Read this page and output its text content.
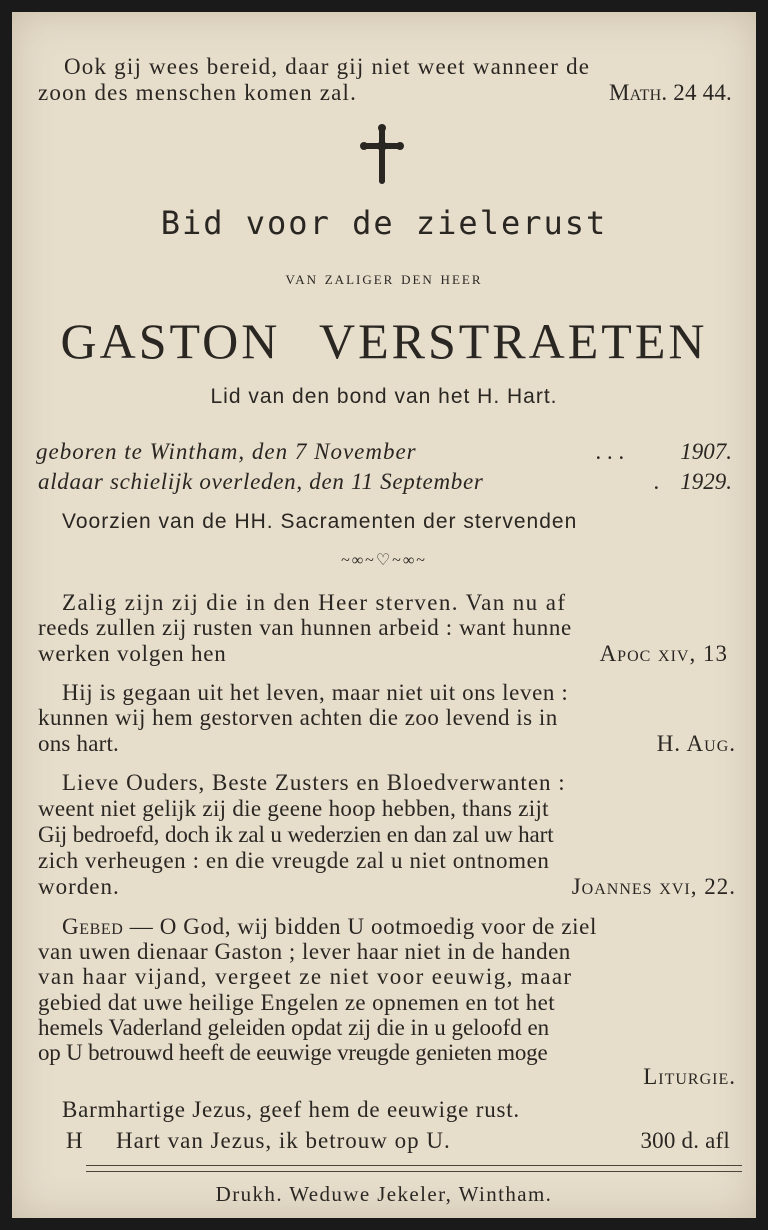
Ook gij wees bereid, daar gij niet weet wanneer de
zoon des menschen komen zal.	Math. 24 44.
Bid voor de zielerust
van zaliger den heer
GASTON VERSTRAETEN
Lid van den bond van het H. Hart.
geboren te Wintham, den 7 November	. . . 1907.
aldaar schielijk overleden, den 11 September	. 1929.
Voorzien van de HH. Sacramenten der stervenden
~∞~♡~∞~
Zalig zijn zij die in den Heer sterven. Van nu af
reeds zullen zij rusten van hunnen arbeid : want hunne
werken volgen hen	Apoc xiv, 13
Hij is gegaan uit het leven, maar niet uit ons leven :
kunnen wij hem gestorven achten die zoo levend is in
ons hart.	H. Aug.
Lieve Ouders, Beste Zusters en Bloedverwanten :
weent niet gelijk zij die geene hoop hebben, thans zijt
Gij bedroefd, doch ik zal u wederzien en dan zal uw hart
zich verheugen : en die vreugde zal u niet ontnomen
worden.	Joannes xvi, 22.
Gebed — O God, wij bidden U ootmoedig voor de ziel
van uwen dienaar Gaston ; lever haar niet in de handen
van haar vijand, vergeet ze niet voor eeuwig, maar
gebied dat uwe heilige Engelen ze opnemen en tot het
hemels Vaderland geleiden opdat zij die in u geloofd en
op U betrouwd heeft de eeuwige vreugde genieten moge
Liturgie.
Barmhartige Jezus, geef hem de eeuwige rust.
H Hart van Jezus, ik betrouw op U.	300 d. afl
Drukh. Weduwe Jekeler, Wintham.
